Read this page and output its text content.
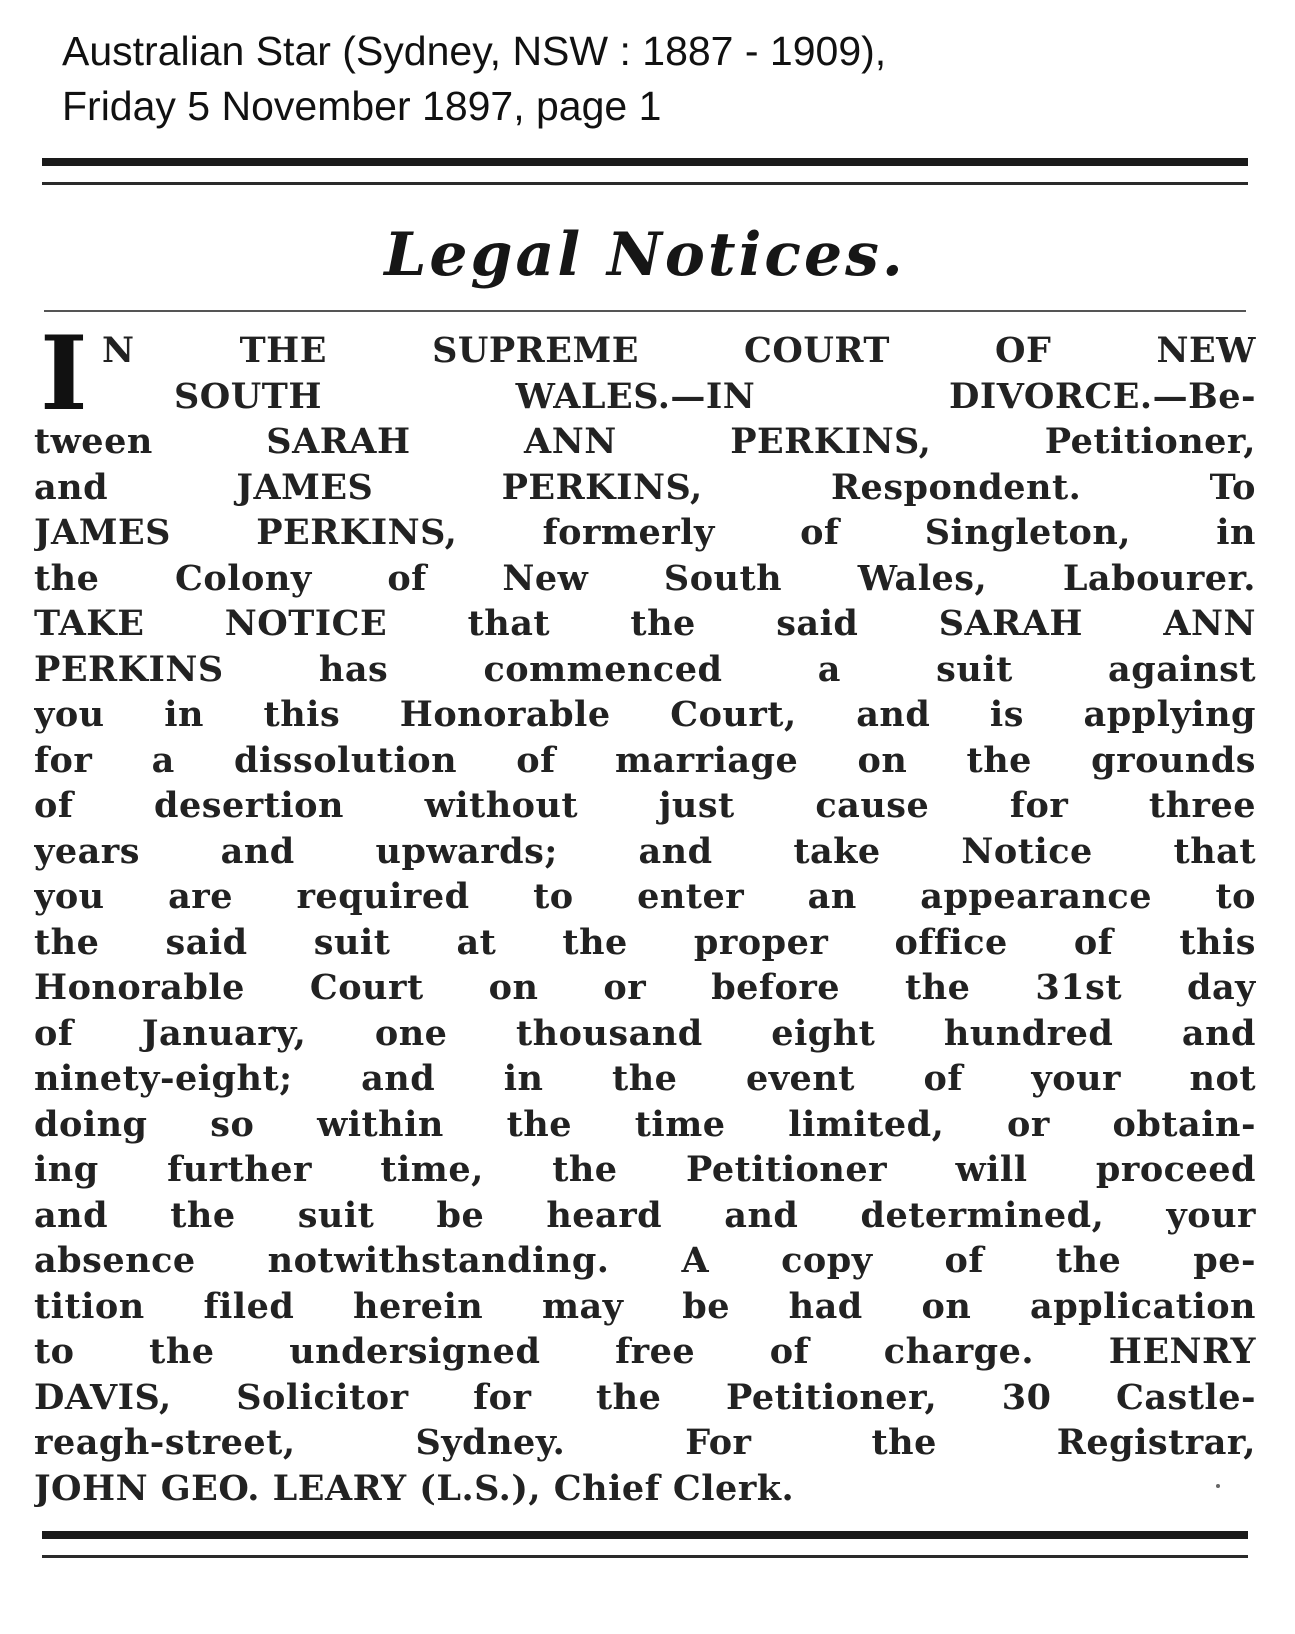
Australian Star (Sydney, NSW : 1887 - 1909),
Friday 5 November 1897, page 1
Legal Notices.
I N THE SUPREME COURT OF NEW
SOUTH WALES.—IN DIVORCE.—Be-
tween SARAH ANN PERKINS, Petitioner,
and JAMES PERKINS, Respondent. To
JAMES PERKINS, formerly of Singleton, in
the Colony of New South Wales, Labourer.
TAKE NOTICE that the said SARAH ANN
PERKINS has commenced a suit against
you in this Honorable Court, and is applying
for a dissolution of marriage on the grounds
of desertion without just cause for three
years and upwards; and take Notice that
you are required to enter an appearance to
the said suit at the proper office of this
Honorable Court on or before the 31st day
of January, one thousand eight hundred and
ninety-eight; and in the event of your not
doing so within the time limited, or obtain-
ing further time, the Petitioner will proceed
and the suit be heard and determined, your
absence notwithstanding. A copy of the pe-
tition filed herein may be had on application
to the undersigned free of charge. HENRY
DAVIS, Solicitor for the Petitioner, 30 Castle-
reagh-street, Sydney. For the Registrar,
JOHN GEO. LEARY (L.S.), Chief Clerk.
